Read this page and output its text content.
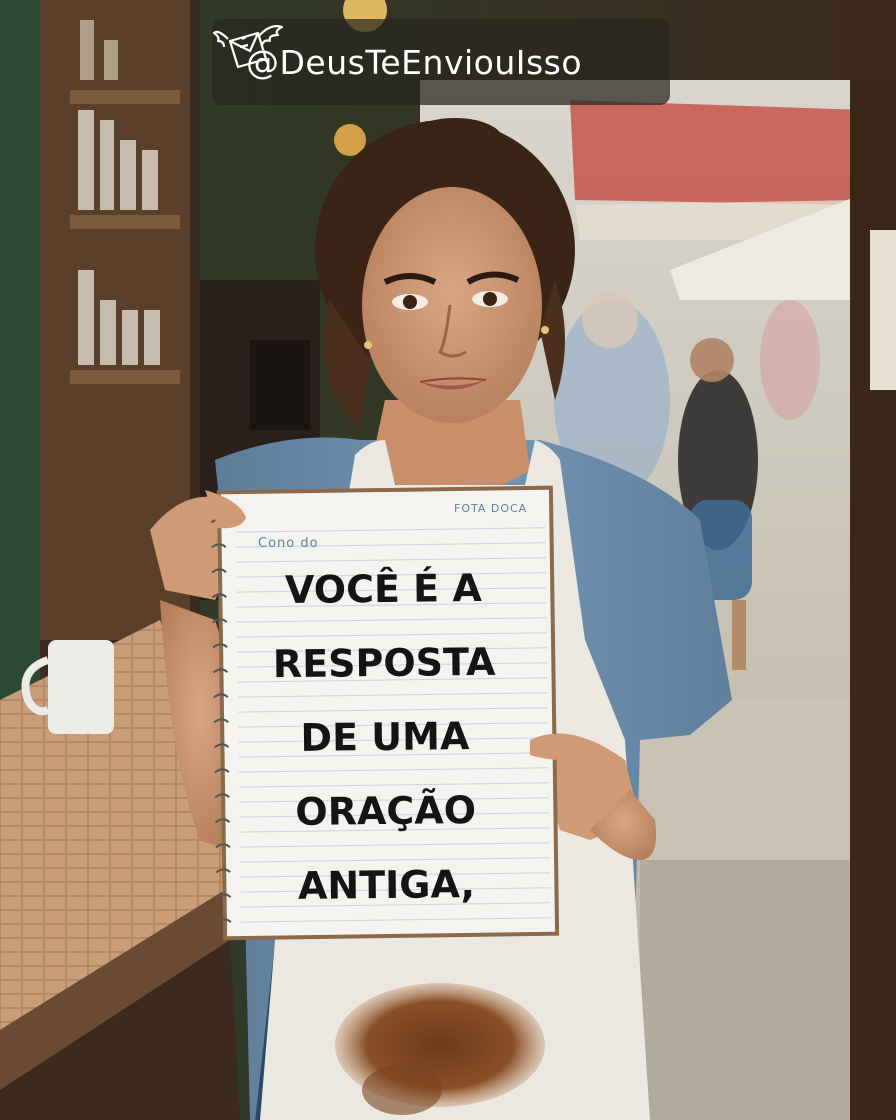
FOTA DOCA
Cono do
VOCÊ É A
RESPOSTA
DE UMA
ORAÇÃO
ANTIGA,
@DeusTeEnviouIsso
